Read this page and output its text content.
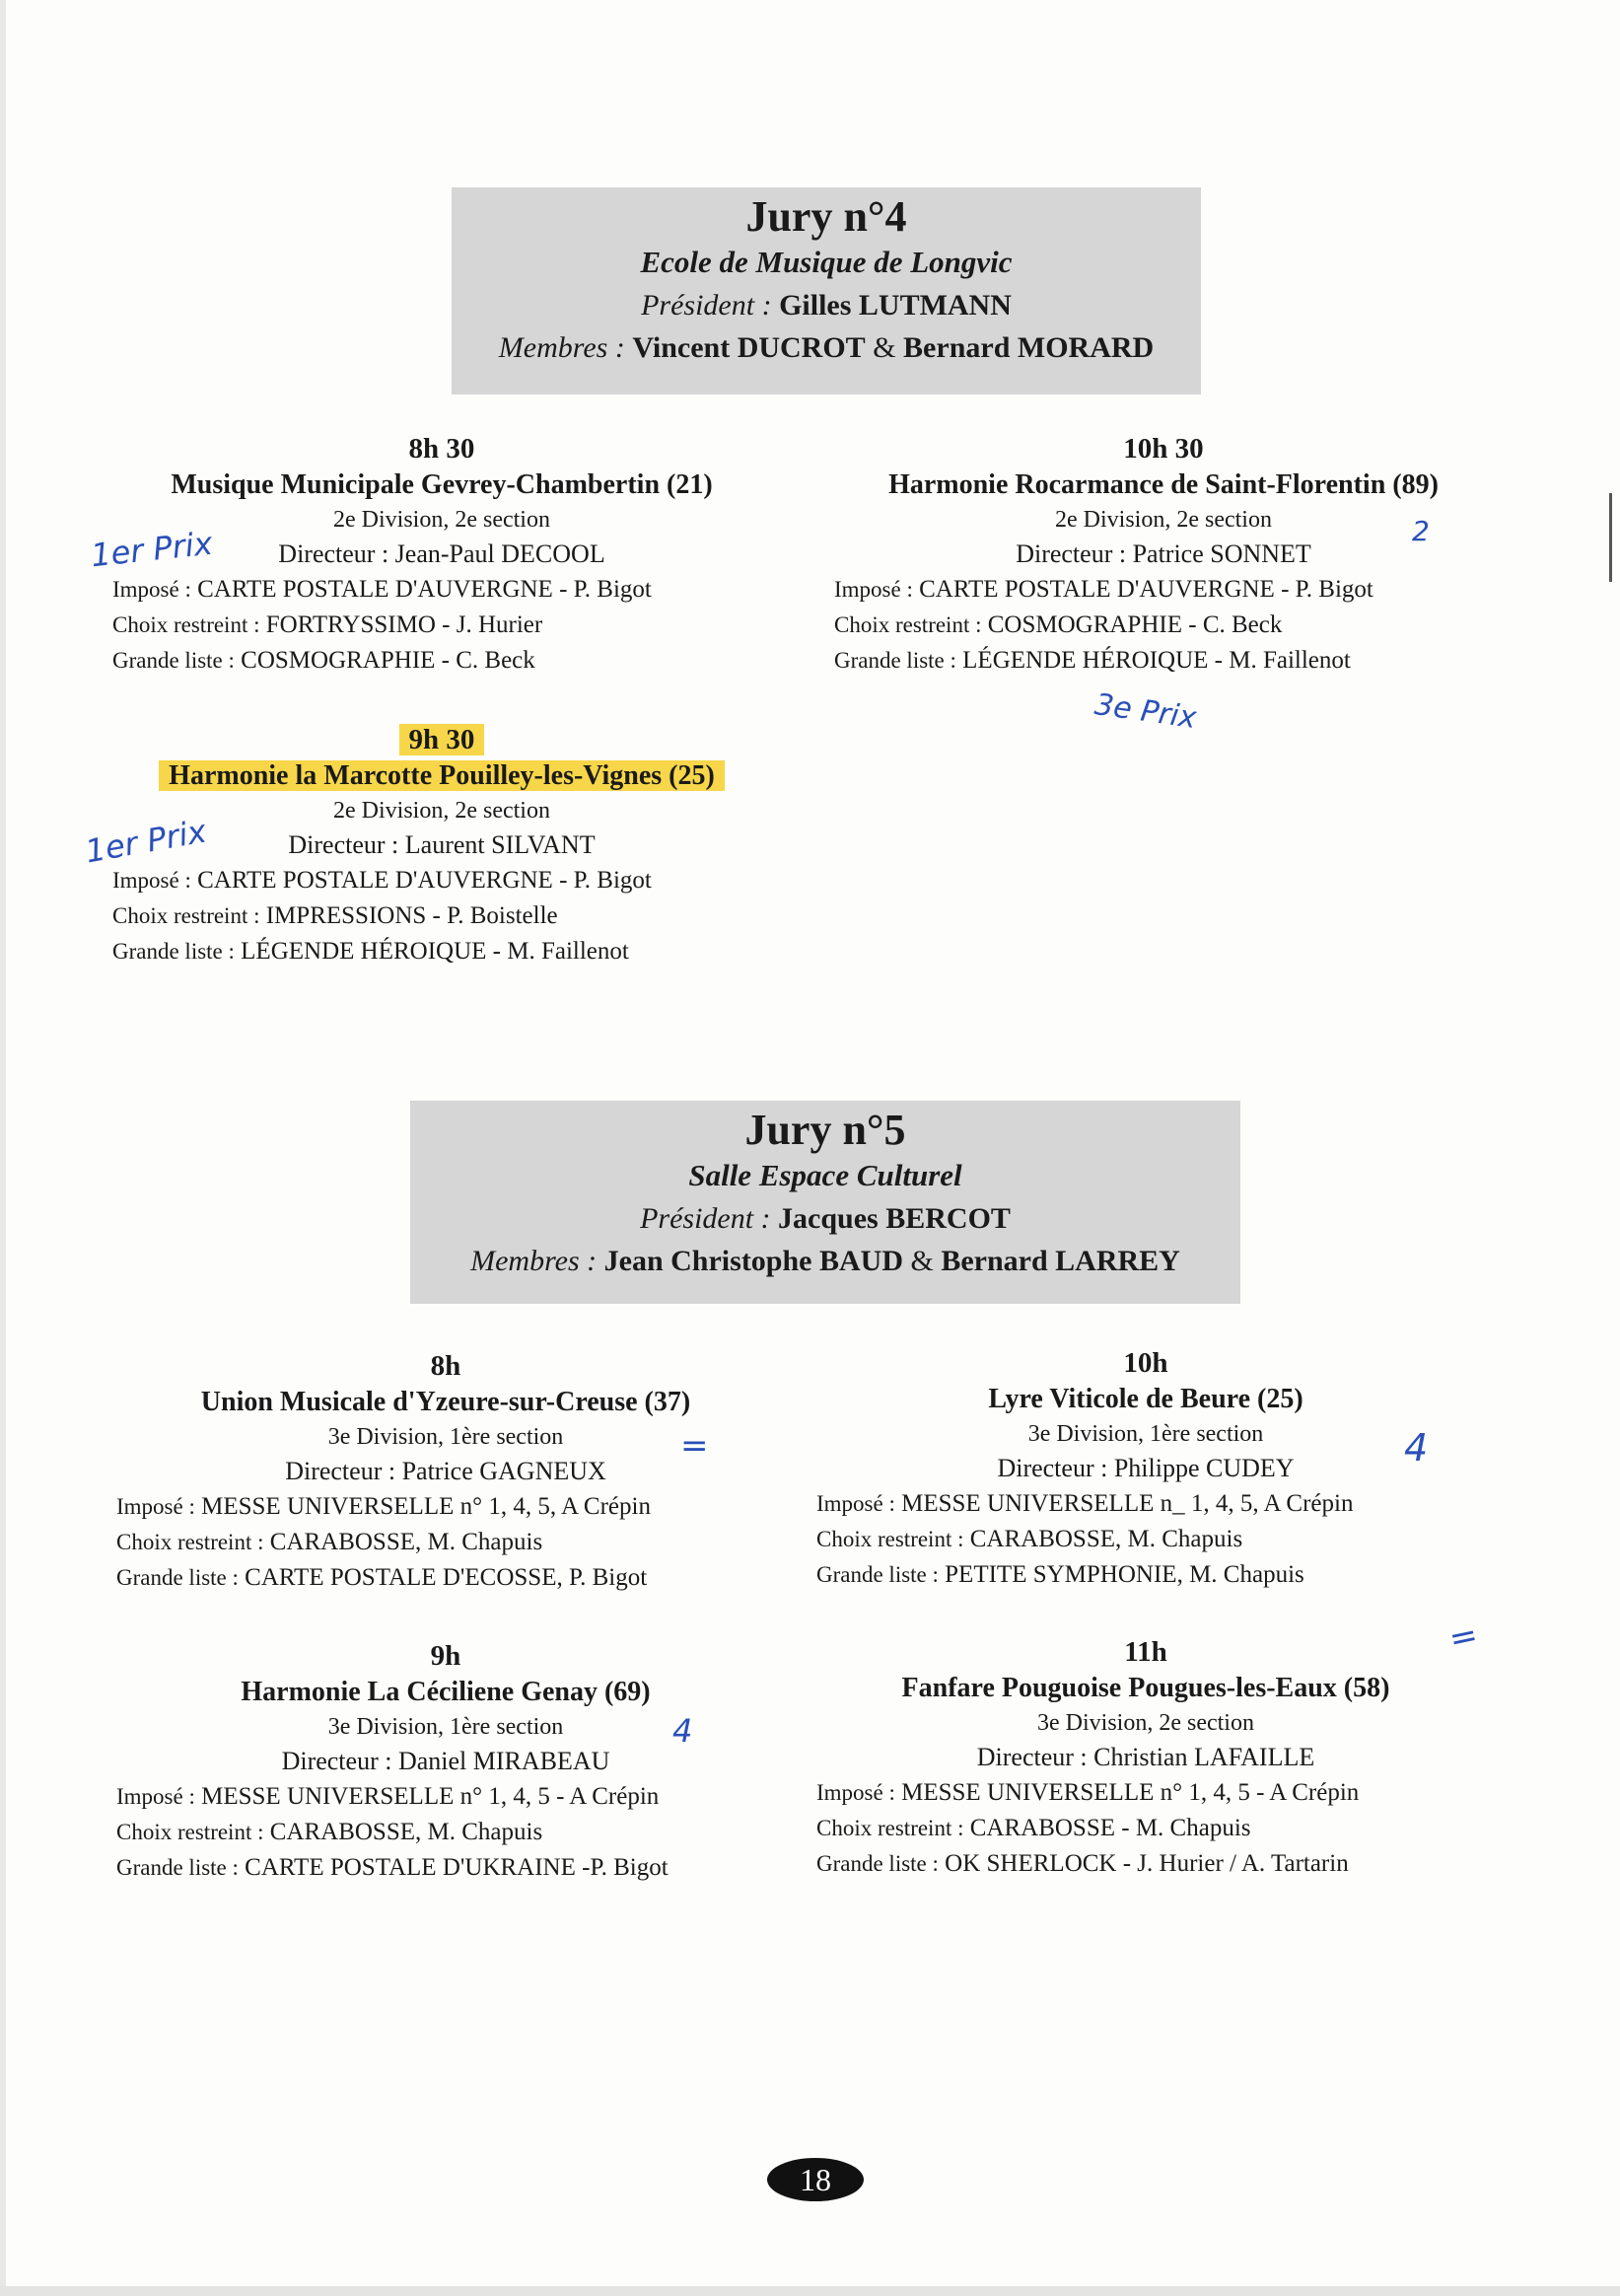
Jury n°4
Ecole de Musique de Longvic
Président : Gilles LUTMANN
Membres : Vincent DUCROT & Bernard MORARD
8h 30
Musique Municipale Gevrey-Chambertin (21)
2e Division, 2e section
Directeur : Jean-Paul DECOOL
Imposé : CARTE POSTALE D'AUVERGNE - P. Bigot
Choix restreint : FORTRYSSIMO - J. Hurier
Grande liste : COSMOGRAPHIE - C. Beck
10h 30
Harmonie Rocarmance de Saint-Florentin (89)
2e Division, 2e section
Directeur : Patrice SONNET
Imposé : CARTE POSTALE D'AUVERGNE - P. Bigot
Choix restreint : COSMOGRAPHIE - C. Beck
Grande liste : LÉGENDE HÉROIQUE - M. Faillenot
9h 30
Harmonie la Marcotte Pouilley-les-Vignes (25)
2e Division, 2e section
Directeur : Laurent SILVANT
Imposé : CARTE POSTALE D'AUVERGNE - P. Bigot
Choix restreint : IMPRESSIONS - P. Boistelle
Grande liste : LÉGENDE HÉROIQUE - M. Faillenot
Jury n°5
Salle Espace Culturel
Président : Jacques BERCOT
Membres : Jean Christophe BAUD & Bernard LARREY
8h
Union Musicale d'Yzeure-sur-Creuse (37)
3e Division, 1ère section
Directeur : Patrice GAGNEUX
Imposé : MESSE UNIVERSELLE n° 1, 4, 5, A Crépin
Choix restreint : CARABOSSE, M. Chapuis
Grande liste : CARTE POSTALE D'ECOSSE, P. Bigot
10h
Lyre Viticole de Beure (25)
3e Division, 1ère section
Directeur : Philippe CUDEY
Imposé : MESSE UNIVERSELLE n_ 1, 4, 5, A Crépin
Choix restreint : CARABOSSE, M. Chapuis
Grande liste : PETITE SYMPHONIE, M. Chapuis
9h
Harmonie La Céciliene Genay (69)
3e Division, 1ère section
Directeur : Daniel MIRABEAU
Imposé : MESSE UNIVERSELLE n° 1, 4, 5 - A Crépin
Choix restreint : CARABOSSE, M. Chapuis
Grande liste : CARTE POSTALE D'UKRAINE -P. Bigot
11h
Fanfare Pouguoise Pougues-les-Eaux (58)
3e Division, 2e section
Directeur : Christian LAFAILLE
Imposé : MESSE UNIVERSELLE n° 1, 4, 5 - A Crépin
Choix restreint : CARABOSSE - M. Chapuis
Grande liste : OK SHERLOCK - J. Hurier / A. Tartarin
1er Prix
3e Prix
1er Prix
2
=	4
4
=
18
